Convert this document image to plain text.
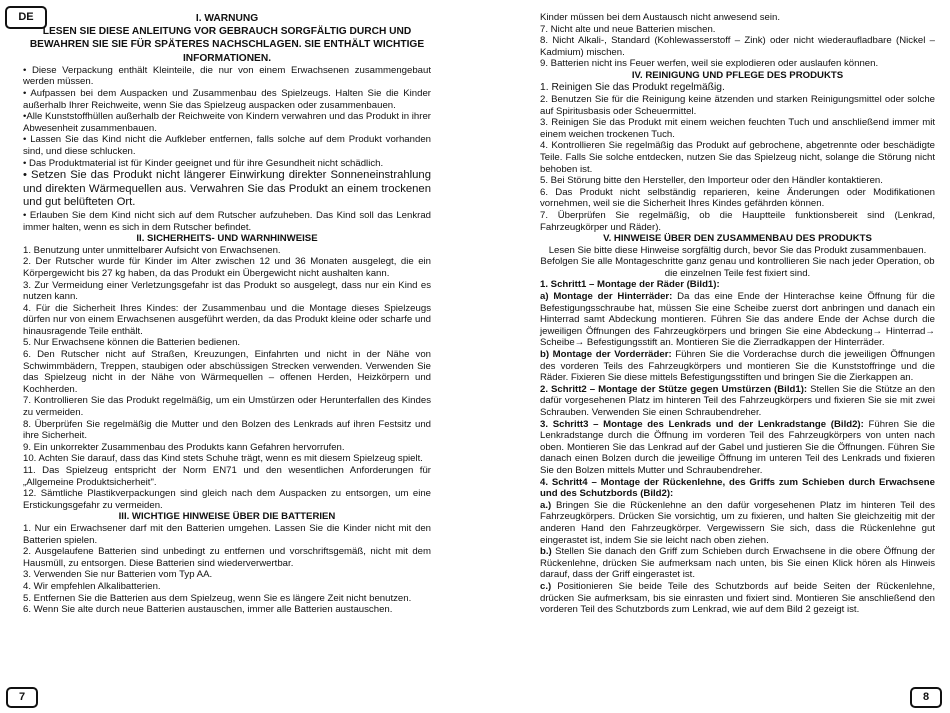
DE	I. WARNUNG

LESEN SIE DIESE ANLEITUNG VOR GEBRAUCH SORGFÄLTIG DURCH UND BEWAHREN SIE SIE FÜR SPÄTERES NACHSCHLAGEN. SIE ENTHÄLT WICHTIGE INFORMATIONEN.

• Diese Verpackung enthält Kleinteile, die nur von einem Erwachsenen zusammengebaut werden müssen.

• Aufpassen bei dem Auspacken und Zusammenbau des Spielzeugs. Halten Sie die Kinder außerhalb Ihrer Reichweite, wenn Sie das Spielzeug auspacken oder zusammenbauen.

•Alle Kunststoffhüllen außerhalb der Reichweite von Kindern verwahren und das Produkt in ihrer Abwesenheit zusammenbauen.

• Lassen Sie das Kind nicht die Aufkleber entfernen, falls solche auf dem Produkt vorhanden sind, und diese schlucken.

• Das Produktmaterial ist für Kinder geeignet und für ihre Gesundheit nicht schädlich.

• Setzen Sie das Produkt nicht längerer Einwirkung direkter Sonneneinstrahlung und direkten Wärmequellen aus. Verwahren Sie das Produkt an einem trockenen und gut belüfteten Ort.

• Erlauben Sie dem Kind nicht sich auf dem Rutscher aufzuheben. Das Kind soll das Lenkrad immer halten, wenn es sich in dem Rutscher befindet.

II. SICHERHEITS- UND WARNHINWEISE

1. Benutzung unter unmittelbarer Aufsicht von Erwachsenen.

2. Der Rutscher wurde für Kinder im Alter zwischen 12 und 36 Monaten ausgelegt, die ein Körpergewicht bis 27 kg haben, da das Produkt ein Übergewicht nicht aushalten kann.

3. Zur Vermeidung einer Verletzungsgefahr ist das Produkt so ausgelegt, dass nur ein Kind es nutzen kann.

4. Für die Sicherheit Ihres Kindes: der Zusammenbau und die Montage dieses Spielzeugs dürfen nur von einem Erwachsenen ausgeführt werden, da das Produkt kleine oder scharfe und hinausragende Teile enthält.

5. Nur Erwachsene können die Batterien bedienen.

6. Den Rutscher nicht auf Straßen, Kreuzungen, Einfahrten und nicht in der Nähe von Schwimmbädern, Treppen, staubigen oder abschüssigen Strecken verwenden. Verwenden Sie das Spielzeug nicht in der Nähe von Wärmequellen – offenen Herden, Heizkörpern und Kochherden.

7. Kontrollieren Sie das Produkt regelmäßig, um ein Umstürzen oder Herunterfallen des Kindes zu vermeiden.

8. Überprüfen Sie regelmäßig die Mutter und den Bolzen des Lenkrads auf ihren Festsitz und ihre Sicherheit.

9. Ein unkorrekter Zusammenbau des Produkts kann Gefahren hervorrufen.

10. Achten Sie darauf, dass das Kind stets Schuhe trägt, wenn es mit diesem Spielzeug spielt.

11. Das Spielzeug entspricht der Norm EN71 und den wesentlichen Anforderungen für „Allgemeine Produktsicherheit".

12. Sämtliche Plastikverpackungen sind gleich nach dem Auspacken zu entsorgen, um eine Erstickungsgefahr zu vermeiden.

III. WICHTIGE HINWEISE ÜBER DIE BATTERIEN

1. Nur ein Erwachsener darf mit den Batterien umgehen. Lassen Sie die Kinder nicht mit den Batterien spielen.

2. Ausgelaufene Batterien sind unbedingt zu entfernen und vorschriftsgemäß, nicht mit dem Hausmüll, zu entsorgen. Diese Batterien sind wiederverwertbar.

3. Verwenden Sie nur Batterien vom Typ AA.

4. Wir empfehlen Alkalibatterien.

5. Entfernen Sie die Batterien aus dem Spielzeug, wenn Sie es längere Zeit nicht benutzen.

6. Wenn Sie alte durch neue Batterien austauschen, immer alle Batterien austauschen.

Kinder müssen bei dem Austausch nicht anwesend sein.

7. Nicht alte und neue Batterien mischen.

8. Nicht Alkali-, Standard (Kohlewasserstoff – Zink) oder nicht wiederaufladbare (Nickel – Kadmium) mischen.

9. Batterien nicht ins Feuer werfen, weil sie explodieren oder auslaufen können.

IV. REINIGUNG UND PFLEGE DES PRODUKTS

1. Reinigen Sie das Produkt regelmäßig.

2. Benutzen Sie für die Reinigung keine ätzenden und starken Reinigungsmittel oder solche auf Spiritusbasis oder Scheuermittel.

3. Reinigen Sie das Produkt mit einem weichen feuchten Tuch und anschließend immer mit einem weichen trockenen Tuch.

4. Kontrollieren Sie regelmäßig das Produkt auf gebrochene, abgetrennte oder beschädigte Teile. Falls Sie solche entdecken, nutzen Sie das Spielzeug nicht, solange die Störung nicht behoben ist.

5. Bei Störung bitte den Hersteller, den Importeur oder den Händler kontaktieren.

6. Das Produkt nicht selbständig reparieren, keine Änderungen oder Modifikationen vornehmen, weil sie die Sicherheit Ihres Kindes gefährden können.

7. Überprüfen Sie regelmäßig, ob die Hauptteile funktionsbereit sind (Lenkrad, Fahrzeugkörper und Räder).

V. HINWEISE ÜBER DEN ZUSAMMENBAU DES PRODUKTS

Lesen Sie bitte diese Hinweise sorgfältig durch, bevor Sie das Produkt zusammenbauen. Befolgen Sie alle Montageschritte ganz genau und kontrollieren Sie nach jeder Operation, ob die einzelnen Teile fest fixiert sind.

1. Schritt1 – Montage der Räder (Bild1):

a) Montage der Hinterräder: Da das eine Ende der Hinterachse keine Öffnung für die Befestigungsschraube hat, müssen Sie eine Scheibe zuerst dort anbringen und danach ein Hinterrad samt Abdeckung montieren. Führen Sie das andere Ende der Achse durch die jeweiligen Öffnungen des Fahrzeugkörpers und bringen Sie eine Abdeckung→ Hinterrad→ Scheibe→ Befestigungsstift an. Montieren Sie die Zierradkappen der Hinterräder.

b) Montage der Vorderräder: Führen Sie die Vorderachse durch die jeweiligen Öffnungen des vorderen Teils des Fahrzeugkörpers und montieren Sie die Kunststoffringe und die Räder. Fixieren Sie diese mittels Befestigungsstiften und bringen Sie die Zierkappen an.

2. Schritt2 – Montage der Stütze gegen Umstürzen (Bild1): Stellen Sie die Stütze an den dafür vorgesehenen Platz im hinteren Teil des Fahrzeugkörpers und fixieren Sie sie mit zwei Schrauben. Verwenden Sie einen Schraubendreher.

3. Schritt3 – Montage des Lenkrads und der Lenkradstange (Bild2): Führen Sie die Lenkradstange durch die Öffnung im vorderen Teil des Fahrzeugkörpers von unten nach oben. Montieren Sie das Lenkrad auf der Gabel und justieren Sie die Öffnungen. Führen Sie danach einen Bolzen durch die jeweilige Öffnung im unteren Teil des Lenkrads und fixieren Sie den Bolzen mittels Mutter und Schraubendreher.

4. Schritt4 – Montage der Rückenlehne, des Griffs zum Schieben durch Erwachsene und des Schutzbords (Bild2):

a.) Bringen Sie die Rückenlehne an den dafür vorgesehenen Platz im hinteren Teil des Fahrzeugkörpers. Drücken Sie vorsichtig, um zu fixieren, und halten Sie gleichzeitig mit der anderen Hand den Fahrzeugkörper. Vergewissern Sie sich, dass die Rückenlehne gut eingerastet ist, indem Sie sie leicht nach oben ziehen.

b.) Stellen Sie danach den Griff zum Schieben durch Erwachsene in die obere Öffnung der Rückenlehne, drücken Sie aufmerksam nach unten, bis Sie einen Klick hören als Hinweis darauf, dass der Griff eingerastet ist.

c.) Positionieren Sie beide Teile des Schutzbords auf beide Seiten der Rückenlehne, drücken Sie aufmerksam, bis sie einrasten und fixiert sind. Montieren Sie anschließend den vorderen Teil des Schutzbords zum Lenkrad, wie auf dem Bild 2 gezeigt ist.

7	8
